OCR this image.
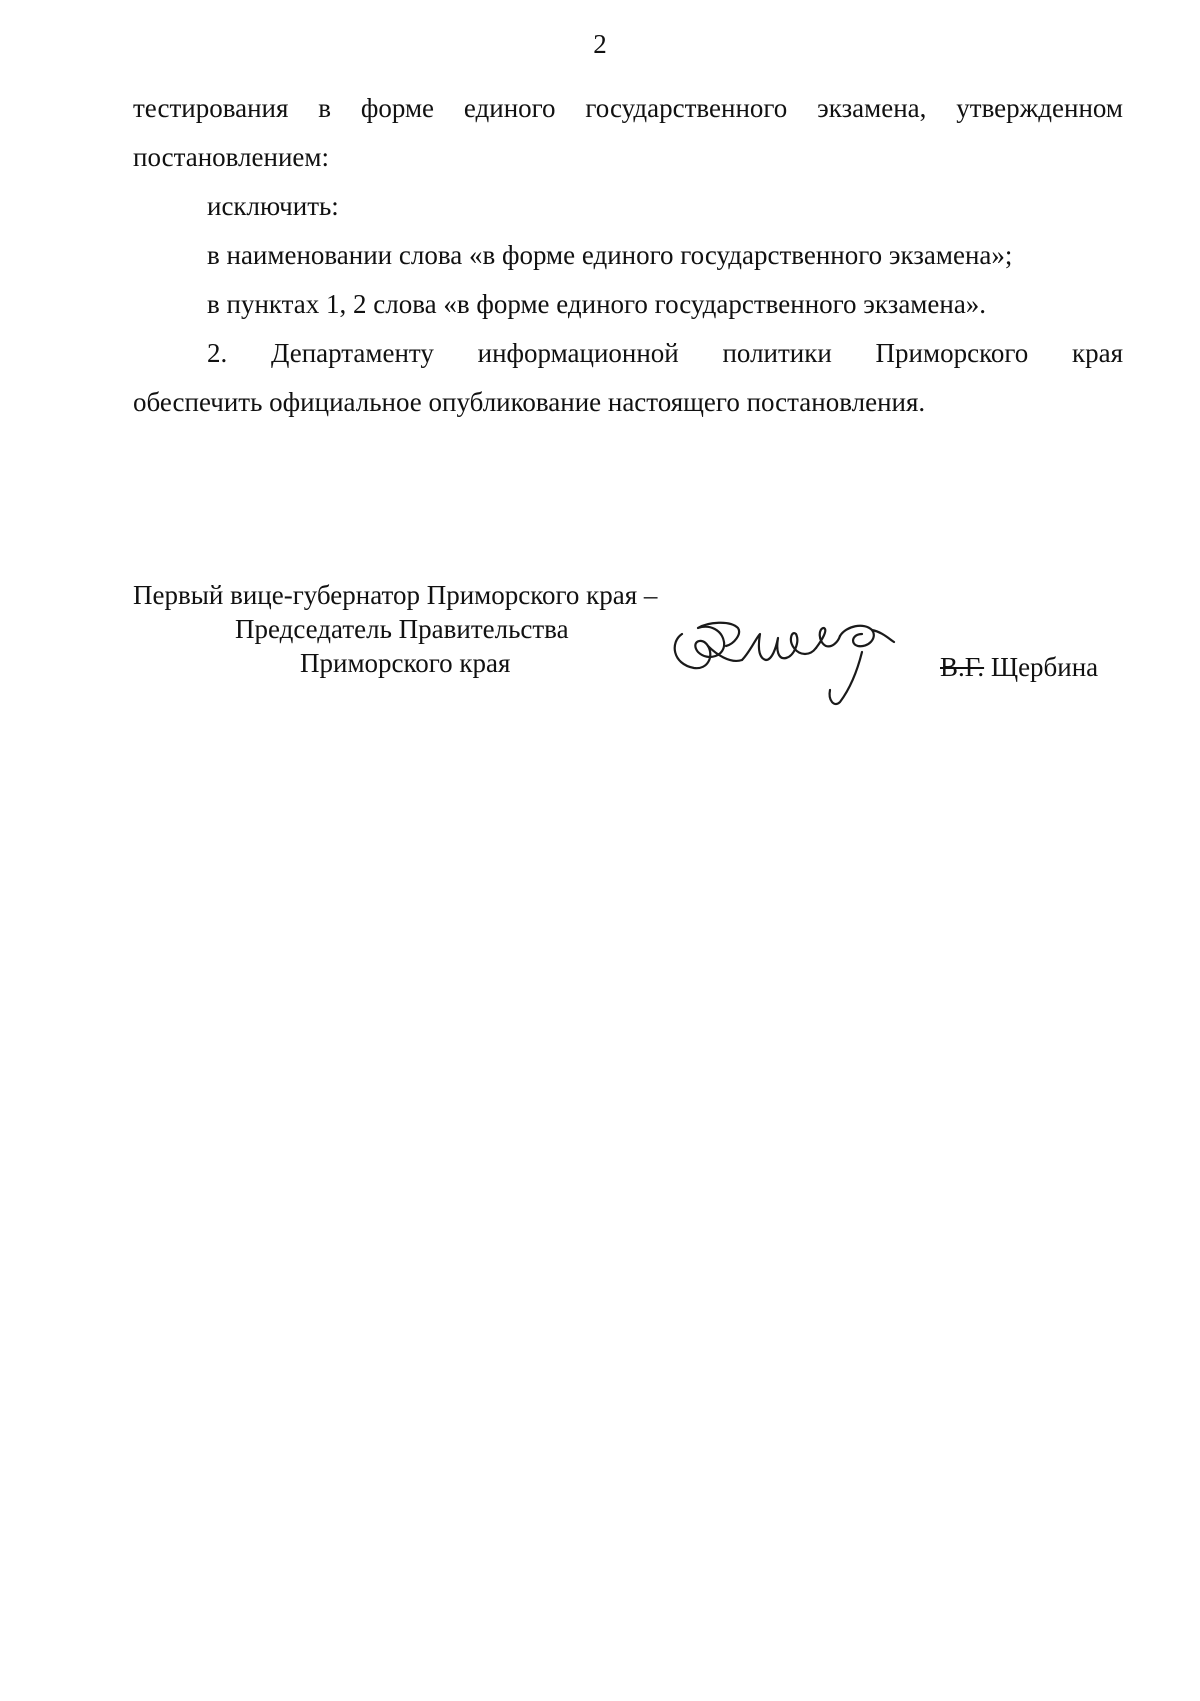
2

тестирования в форме единого государственного экзамена, утвержденном

постановлением:

исключить:

в наименовании слова «в форме единого государственного экзамена»;

в пунктах 1, 2 слова «в форме единого государственного экзамена».

2. Департаменту информационной политики Приморского края

обеспечить официальное опубликование настоящего постановления.

Первый вице-губернатор Приморского края –
Председатель Правительства
Приморского края	В.Г. Щербина
